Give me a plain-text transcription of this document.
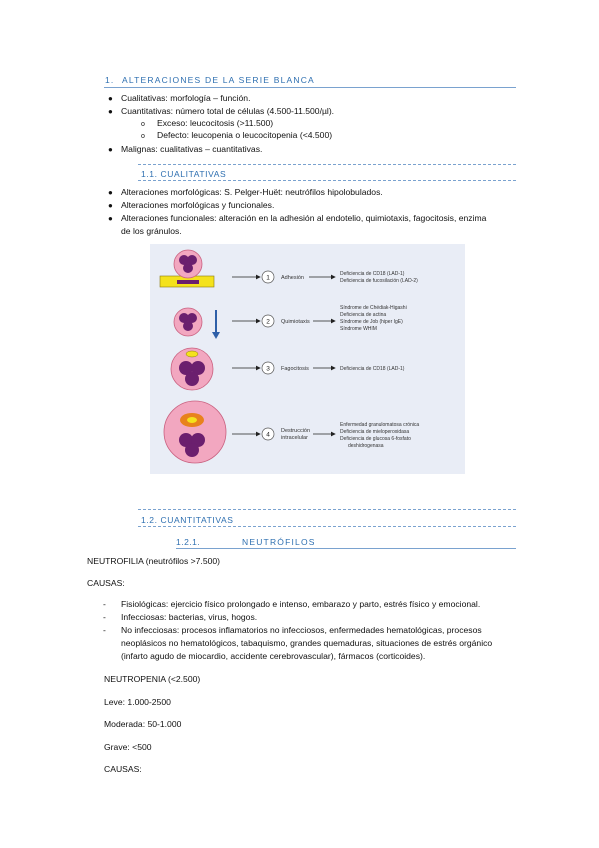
1. ALTERACIONES DE LA SERIE BLANCA
● Cualitativas: morfología – función.
● Cuantitativas: número total de células (4.500-11.500/µl).
o Exceso: leucocitosis (>11.500)
o Defecto: leucopenia o leucocitopenia (<4.500)
● Malignas: cualitativas – cuantitativas.
1.1. CUALITATIVAS
● Alteraciones morfológicas: S. Pelger-Huët: neutrófilos hipolobulados.
● Alteraciones morfológicas y funcionales.
● Alteraciones funcionales: alteración en la adhesión al endotelio, quimiotaxis, fagocitosis, enzima
de los gránulos.
1 Adhesión
Deficiencia de CD18 (LAD-1)
Deficiencia de fucosilación (LAD-2)
2 Quimiotaxis
Síndrome de Chédiak-Higashi
Deficiencia de actina
Síndrome de Job (hiper IgE)
Síndrome WHIM
3 Fagocitosis	Deficiencia de CD18 (LAD-1)
4
Destrucción
intracelular
Enfermedad granulomatosa crónica
Deficiencia de mieloperoxidasa
Deficiencia de glucosa 6-fosfato
deshidrogenasa
1.2. CUANTITATIVAS
1.2.1.	NEUTRÓFILOS
NEUTROFILIA (neutrófilos >7.500)
CAUSAS:
- Fisiológicas: ejercicio físico prolongado e intenso, embarazo y parto, estrés físico y emocional.
- Infecciosas: bacterias, virus, hogos.
- No infecciosas: procesos inflamatorios no infecciosos, enfermedades hematológicas, procesos
neoplásicos no hematológicos, tabaquismo, grandes quemaduras, situaciones de estrés orgánico
(infarto agudo de miocardio, accidente cerebrovascular), fármacos (corticoides).
NEUTROPENIA (<2.500)
Leve: 1.000-2500
Moderada: 50-1.000
Grave: <500
CAUSAS:
